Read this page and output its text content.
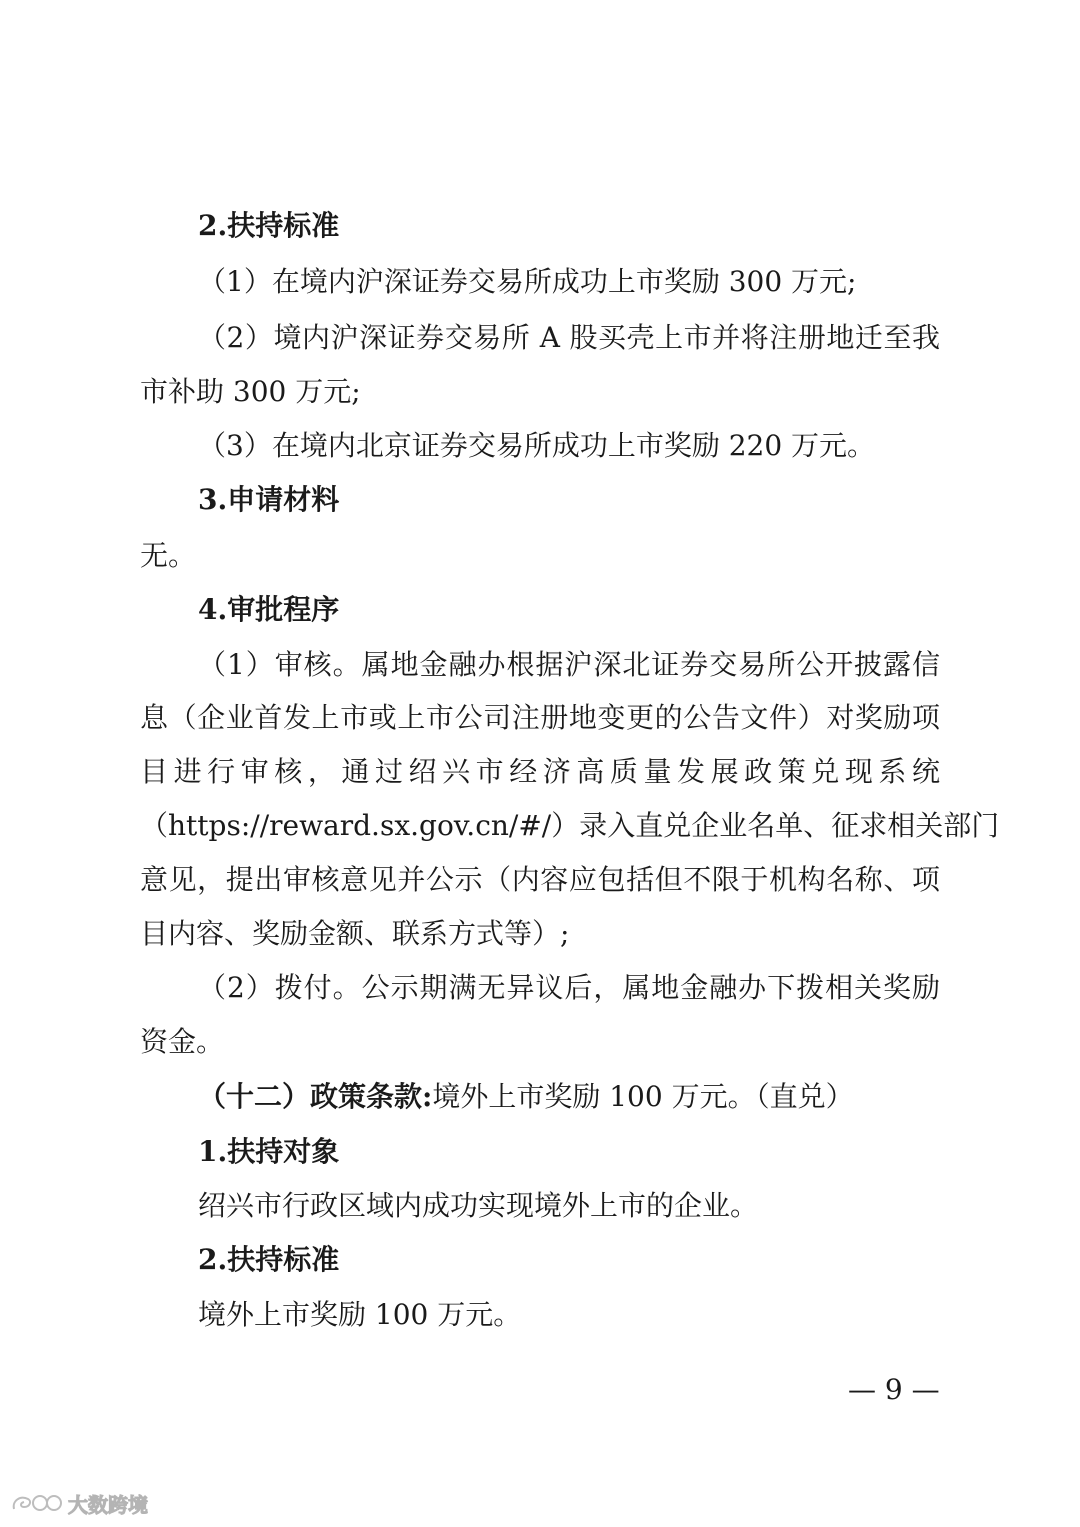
2.扶持标准
（1）在境内沪深证券交易所成功上市奖励 300 万元;
（2）境内沪深证券交易所 A 股买壳上市并将注册地迁至我
市补助 300 万元;
（3）在境内北京证券交易所成功上市奖励 220 万元。
3.申请材料
无。
4.审批程序
（1）审核。属地金融办根据沪深北证券交易所公开披露信
息（企业首发上市或上市公司注册地变更的公告文件）对奖励项
目进行审核，通过绍兴市经济高质量发展政策兑现系统
（https://reward.sx.gov.cn/#/）录入直兑企业名单、征求相关部门
意见，提出审核意见并公示（内容应包括但不限于机构名称、项
目内容、奖励金额、联系方式等）;
（2）拨付。公示期满无异议后，属地金融办下拨相关奖励
资金。
（十二）政策条款:境外上市奖励 100 万元。（直兑）
1.扶持对象
绍兴市行政区域内成功实现境外上市的企业。
2.扶持标准
境外上市奖励 100 万元。
— 9 —
大数跨境
